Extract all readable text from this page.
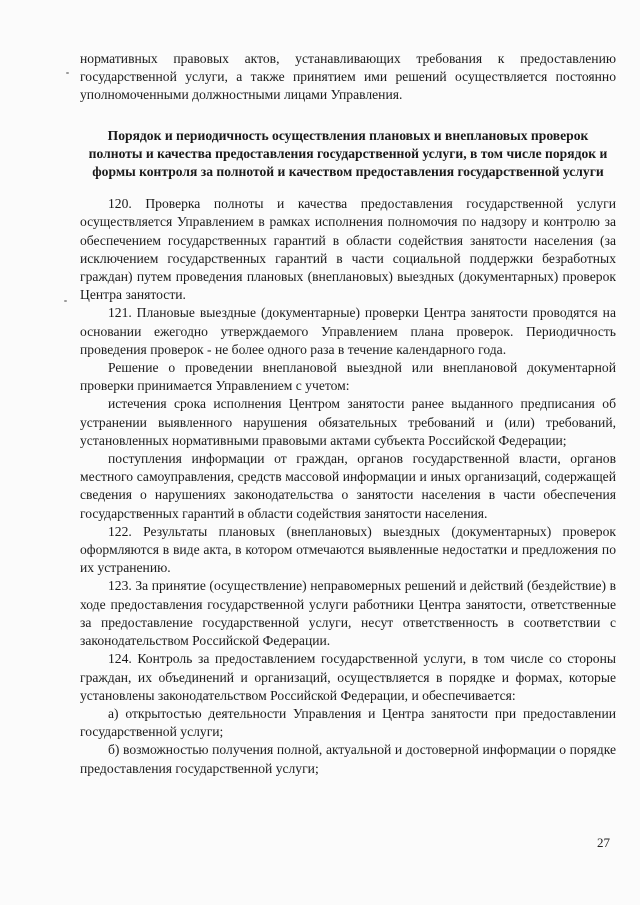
нормативных правовых актов, устанавливающих требования к предоставлению государственной услуги, а также принятием ими решений осуществляется постоянно уполномоченными должностными лицами Управления.

Порядок и периодичность осуществления плановых и внеплановых проверок полноты и качества предоставления государственной услуги, в том числе порядок и формы контроля за полнотой и качеством предоставления государственной услуги

120. Проверка полноты и качества предоставления государственной услуги осуществляется Управлением в рамках исполнения полномочия по надзору и контролю за обеспечением государственных гарантий в области содействия занятости населения (за исключением государственных гарантий в части социальной поддержки безработных граждан) путем проведения плановых (внеплановых) выездных (документарных) проверок Центра занятости.

121. Плановые выездные (документарные) проверки Центра занятости проводятся на основании ежегодно утверждаемого Управлением плана проверок. Периодичность проведения проверок - не более одного раза в течение календарного года.

Решение о проведении внеплановой выездной или внеплановой документарной проверки принимается Управлением с учетом:

истечения срока исполнения Центром занятости ранее выданного предписания об устранении выявленного нарушения обязательных требований и (или) требований, установленных нормативными правовыми актами субъекта Российской Федерации;

поступления информации от граждан, органов государственной власти, органов местного самоуправления, средств массовой информации и иных организаций, содержащей сведения о нарушениях законодательства о занятости населения в части обеспечения государственных гарантий в области содействия занятости населения.

122. Результаты плановых (внеплановых) выездных (документарных) проверок оформляются в виде акта, в котором отмечаются выявленные недостатки и предложения по их устранению.

123. За принятие (осуществление) неправомерных решений и действий (бездействие) в ходе предоставления государственной услуги работники Центра занятости, ответственные за предоставление государственной услуги, несут ответственность в соответствии с законодательством Российской Федерации.

124. Контроль за предоставлением государственной услуги, в том числе со стороны граждан, их объединений и организаций, осуществляется в порядке и формах, которые установлены законодательством Российской Федерации, и обеспечивается:

а) открытостью деятельности Управления и Центра занятости при предоставлении государственной услуги;

б) возможностью получения полной, актуальной и достоверной информации о порядке предоставления государственной услуги;

27
